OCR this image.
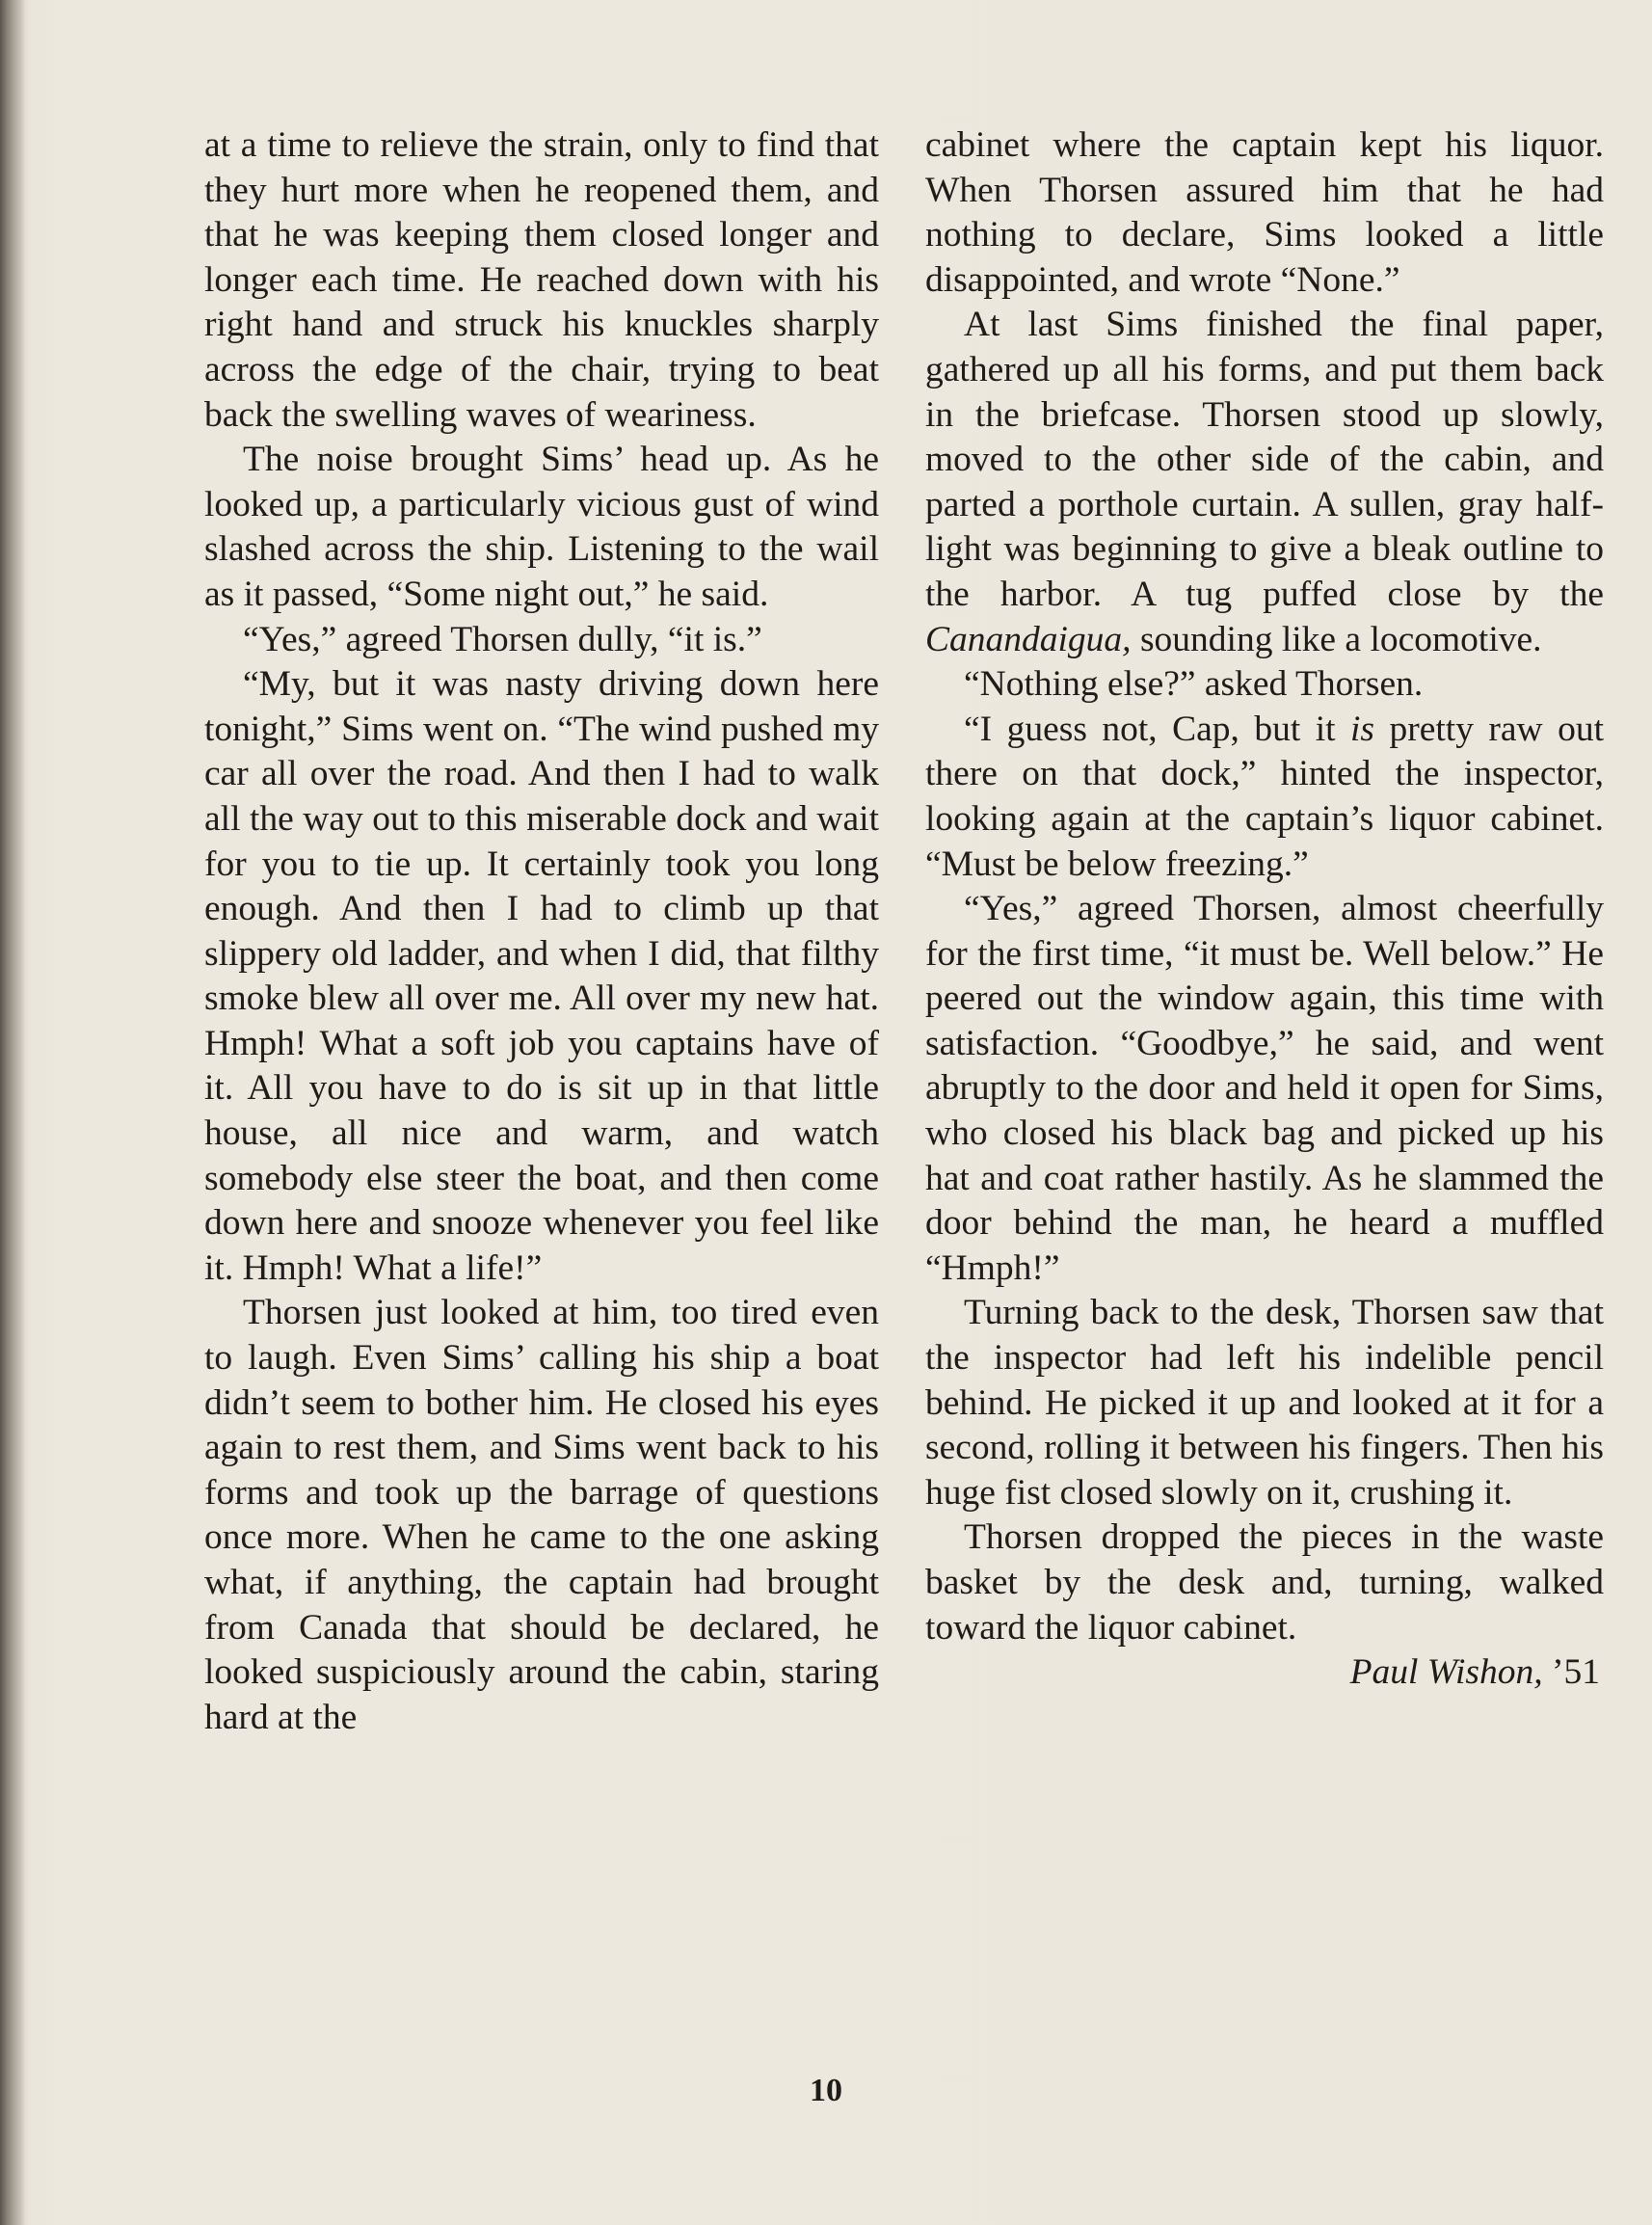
at a time to relieve the strain, only to find that they hurt more when he reopened them, and that he was keeping them closed longer and longer each time. He reached down with his right hand and struck his knuckles sharply across the edge of the chair, trying to beat back the swelling waves of weariness.

The noise brought Sims’ head up. As he looked up, a particularly vicious gust of wind slashed across the ship. Listening to the wail as it passed, “Some night out,” he said.

“Yes,” agreed Thorsen dully, “it is.”

“My, but it was nasty driving down here tonight,” Sims went on. “The wind pushed my car all over the road. And then I had to walk all the way out to this miserable dock and wait for you to tie up. It certainly took you long enough. And then I had to climb up that slippery old ladder, and when I did, that filthy smoke blew all over me. All over my new hat. Hmph! What a soft job you captains have of it. All you have to do is sit up in that little house, all nice and warm, and watch somebody else steer the boat, and then come down here and snooze whenever you feel like it. Hmph! What a life!”

Thorsen just looked at him, too tired even to laugh. Even Sims’ calling his ship a boat didn’t seem to bother him. He closed his eyes again to rest them, and Sims went back to his forms and took up the barrage of questions once more. When he came to the one asking what, if anything, the captain had brought from Canada that should be declared, he looked suspiciously around the cabin, staring hard at the

cabinet where the captain kept his liquor. When Thorsen assured him that he had nothing to declare, Sims looked a little disappointed, and wrote “None.”

At last Sims finished the final paper, gathered up all his forms, and put them back in the briefcase. Thorsen stood up slowly, moved to the other side of the cabin, and parted a porthole curtain. A sullen, gray half-light was beginning to give a bleak outline to the harbor. A tug puffed close by the Canandaigua, sounding like a locomotive.

“Nothing else?” asked Thorsen.

“I guess not, Cap, but it is pretty raw out there on that dock,” hinted the inspector, looking again at the captain’s liquor cabinet. “Must be below freezing.”

“Yes,” agreed Thorsen, almost cheerfully for the first time, “it must be. Well below.” He peered out the window again, this time with satisfaction. “Goodbye,” he said, and went abruptly to the door and held it open for Sims, who closed his black bag and picked up his hat and coat rather hastily. As he slammed the door behind the man, he heard a muffled “Hmph!”

Turning back to the desk, Thorsen saw that the inspector had left his indelible pencil behind. He picked it up and looked at it for a second, rolling it between his fingers. Then his huge fist closed slowly on it, crushing it.

Thorsen dropped the pieces in the waste basket by the desk and, turning, walked toward the liquor cabinet.

Paul Wishon, ’51

10
